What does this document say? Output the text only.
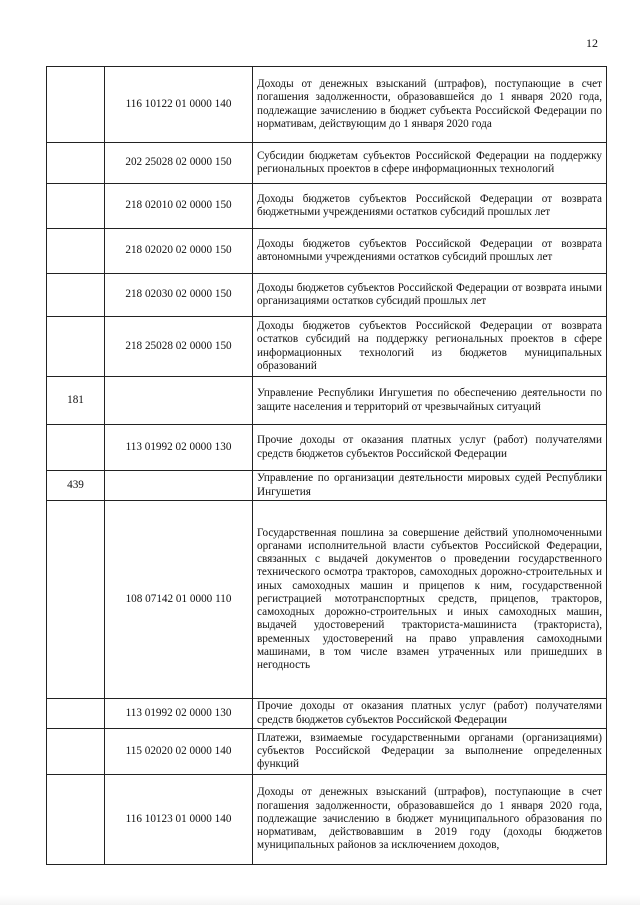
12
	116 10122 01 0000 140	Доходы от денежных взысканий (штрафов), поступающие в счет погашения задолженности, образовавшейся до 1 января 2020 года, подлежащие зачислению в бюджет субъекта Российской Федерации по нормативам, действующим до 1 января 2020 года
	202 25028 02 0000 150	Субсидии бюджетам субъектов Российской Федерации на поддержку региональных проектов в сфере информационных технологий
	218 02010 02 0000 150	Доходы бюджетов субъектов Российской Федерации от возврата бюджетными учреждениями остатков субсидий прошлых лет
	218 02020 02 0000 150	Доходы бюджетов субъектов Российской Федерации от возврата автономными учреждениями остатков субсидий прошлых лет
	218 02030 02 0000 150	Доходы бюджетов субъектов Российской Федерации от возврата иными организациями остатков субсидий прошлых лет
	218 25028 02 0000 150	Доходы бюджетов субъектов Российской Федерации от возврата остатков субсидий на поддержку региональных проектов в сфере информационных технологий из бюджетов муниципальных образований
181		Управление Республики Ингушетия по обеспечению деятельности по защите населения и территорий от чрезвычайных ситуаций
	113 01992 02 0000 130	Прочие доходы от оказания платных услуг (работ) получателями средств бюджетов субъектов Российской Федерации
439		Управление по организации деятельности мировых судей Республики Ингушетия
	108 07142 01 0000 110	Государственная пошлина за совершение действий уполномоченными органами исполнительной власти субъектов Российской Федерации, связанных с выдачей документов о проведении государственного технического осмотра тракторов, самоходных дорожно-строительных и иных самоходных машин и прицепов к ним, государственной регистрацией мототранспортных средств, прицепов, тракторов, самоходных дорожно-строительных и иных самоходных машин, выдачей удостоверений тракториста-машиниста (тракториста), временных удостоверений на право управления самоходными машинами, в том числе взамен утраченных или пришедших в негодность
	113 01992 02 0000 130	Прочие доходы от оказания платных услуг (работ) получателями средств бюджетов субъектов Российской Федерации
	115 02020 02 0000 140	Платежи, взимаемые государственными органами (организациями) субъектов Российской Федерации за выполнение определенных функций
	116 10123 01 0000 140	Доходы от денежных взысканий (штрафов), поступающие в счет погашения задолженности, образовавшейся до 1 января 2020 года, подлежащие зачислению в бюджет муниципального образования по нормативам, действовавшим в 2019 году (доходы бюджетов муниципальных районов за исключением доходов,
